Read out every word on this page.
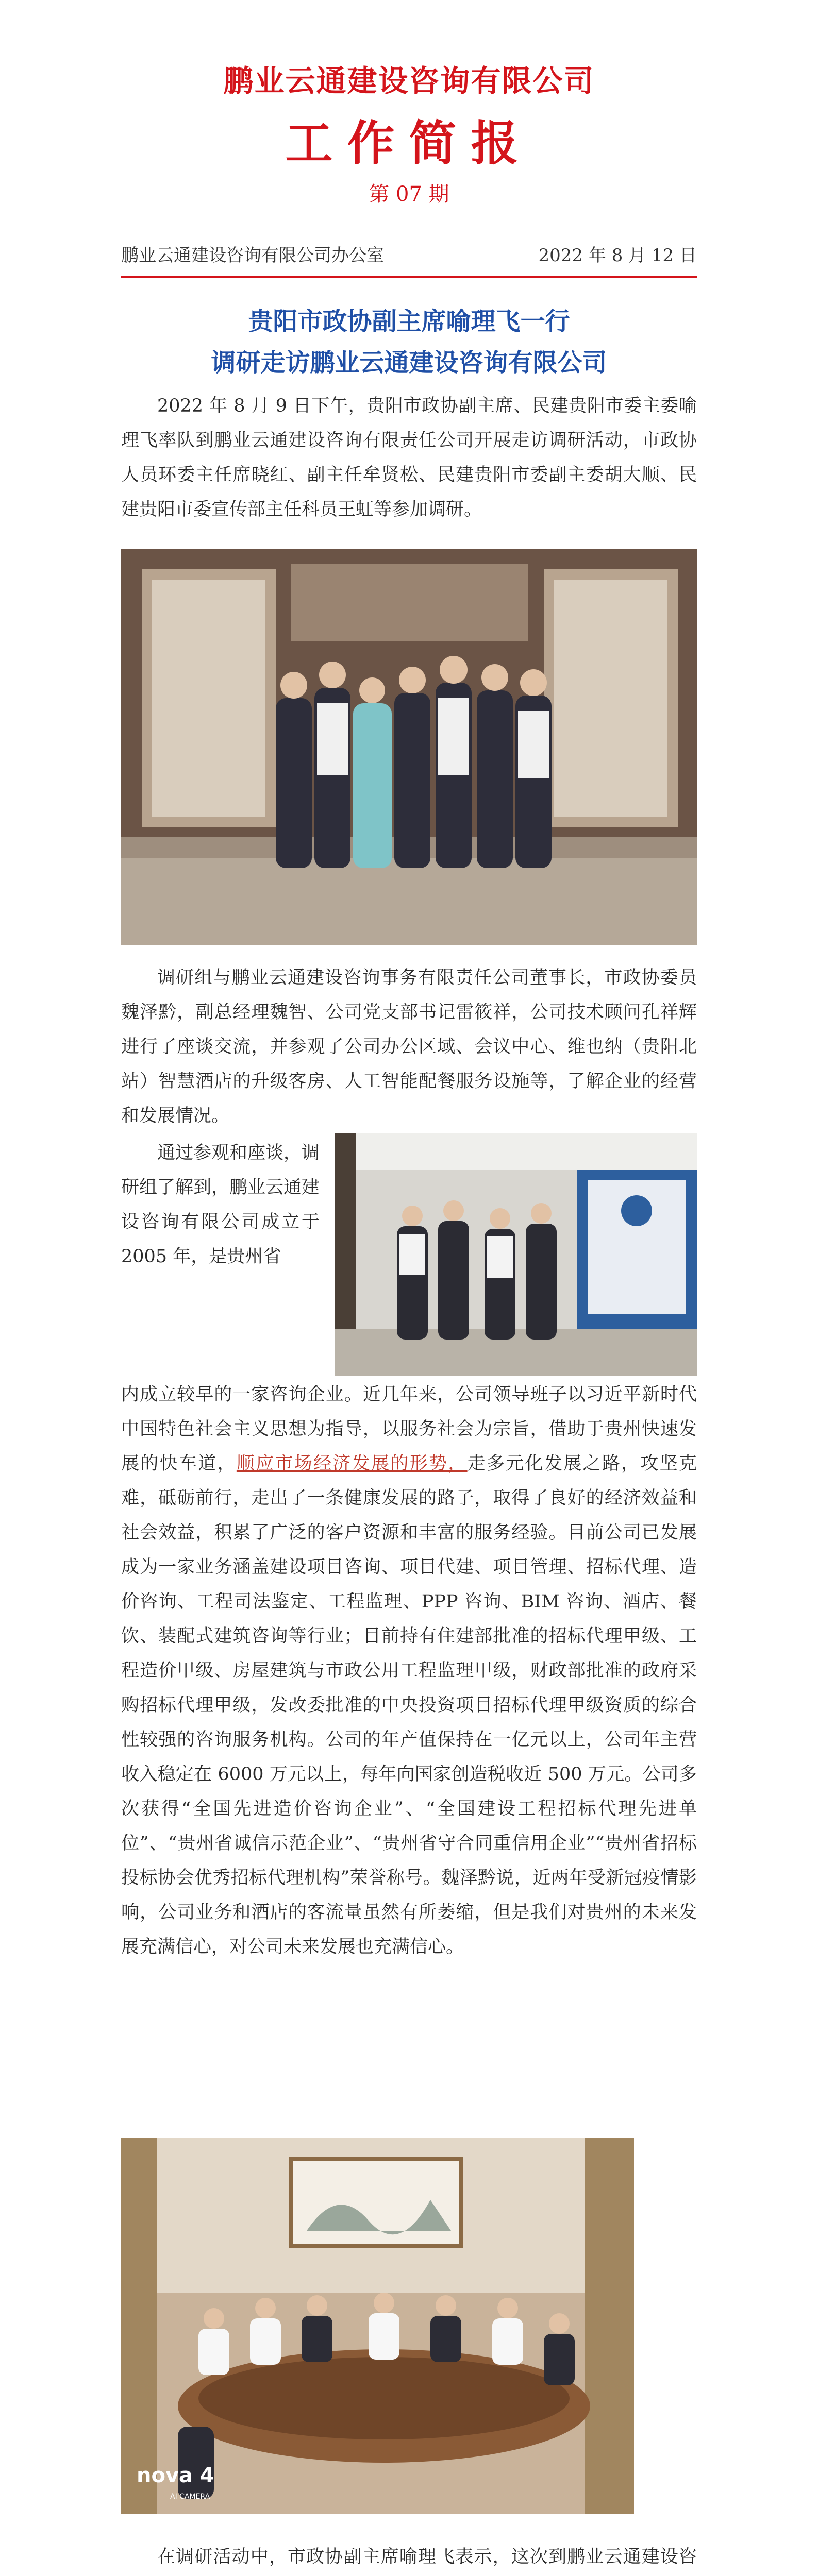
鹏业云通建设咨询有限公司
工作简报
第 07 期
鹏业云通建设咨询有限公司办公室	2022 年 8 月 12 日
贵阳市政协副主席喻理飞一行
调研走访鹏业云通建设咨询有限公司

2022 年 8 月 9 日下午，贵阳市政协副主席、民建贵阳市委主委喻理飞率队到鹏业云通建设咨询有限责任公司开展走访调研活动，市政协人员环委主任席晓红、副主任牟贤松、民建贵阳市委副主委胡大顺、民建贵阳市委宣传部主任科员王虹等参加调研。

调研组与鹏业云通建设咨询事务有限责任公司董事长，市政协委员魏泽黔，副总经理魏智、公司党支部书记雷筱祥，公司技术顾问孔祥辉进行了座谈交流，并参观了公司办公区域、会议中心、维也纳（贵阳北站）智慧酒店的升级客房、人工智能配餐服务设施等，了解企业的经营和发展情况。

通过参观和座谈，调研组了解到，鹏业云通建设咨询有限公司成立于 2005 年，是贵州省

内成立较早的一家咨询企业。近几年来，公司领导班子以习近平新时代中国特色社会主义思想为指导，以服务社会为宗旨，借助于贵州快速发展的快车道，顺应市场经济发展的形势，走多元化发展之路，攻坚克难，砥砺前行，走出了一条健康发展的路子，取得了良好的经济效益和社会效益，积累了广泛的客户资源和丰富的服务经验。目前公司已发展成为一家业务涵盖建设项目咨询、项目代建、项目管理、招标代理、造价咨询、工程司法鉴定、工程监理、PPP 咨询、BIM 咨询、酒店、餐饮、装配式建筑咨询等行业；目前持有住建部批准的招标代理甲级、工程造价甲级、房屋建筑与市政公用工程监理甲级，财政部批准的政府采购招标代理甲级，发改委批准的中央投资项目招标代理甲级资质的综合性较强的咨询服务机构。公司的年产值保持在一亿元以上，公司年主营收入稳定在 6000 万元以上，每年向国家创造税收近 500 万元。公司多次获得“全国先进造价咨询企业”、“全国建设工程招标代理先进单位”、“贵州省诚信示范企业”、“贵州省守合同重信用企业”“贵州省招标投标协会优秀招标代理机构”荣誉称号。魏泽黔说，近两年受新冠疫情影响，公司业务和酒店的客流量虽然有所萎缩，但是我们对贵州的未来发展充满信心，对公司未来发展也充满信心。

nova 4
AI CAMERA

在调研活动中，市政协副主席喻理飞表示，这次到鹏业云通建设咨
